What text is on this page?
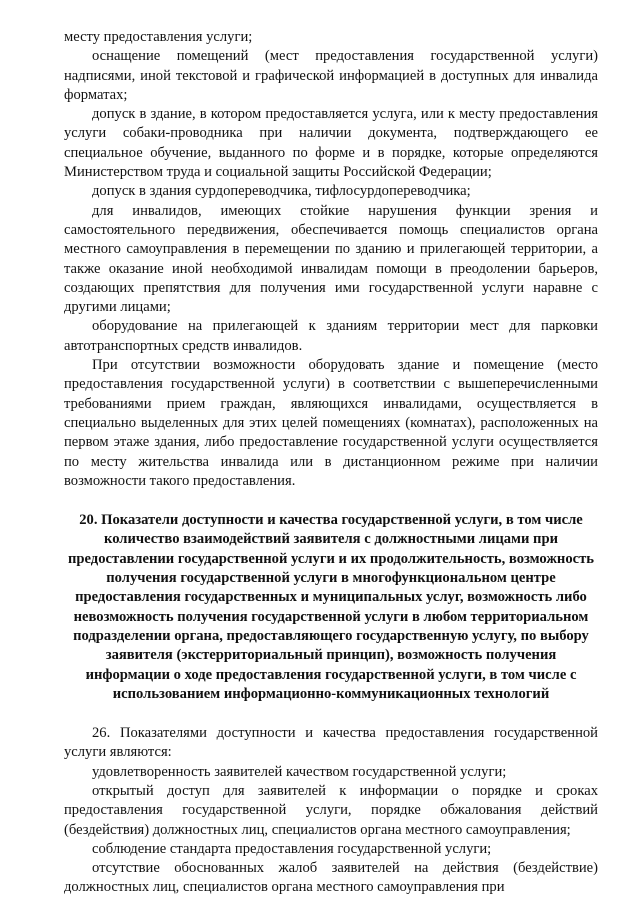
месту предоставления услуги;

оснащение помещений (мест предоставления государственной услуги) надписями, иной текстовой и графической информацией в доступных для инвалида форматах;

допуск в здание, в котором предоставляется услуга, или к месту предоставления услуги собаки-проводника при наличии документа, подтверждающего ее специальное обучение, выданного по форме и в порядке, которые определяются Министерством труда и социальной защиты Российской Федерации;

допуск в здания сурдопереводчика, тифлосурдопереводчика;

для инвалидов, имеющих стойкие нарушения функции зрения и самостоятельного передвижения, обеспечивается помощь специалистов органа местного самоуправления в перемещении по зданию и прилегающей территории, а также оказание иной необходимой инвалидам помощи в преодолении барьеров, создающих препятствия для получения ими государственной услуги наравне с другими лицами;

оборудование на прилегающей к зданиям территории мест для парковки автотранспортных средств инвалидов.

При отсутствии возможности оборудовать здание и помещение (место предоставления государственной услуги) в соответствии с вышеперечисленными требованиями прием граждан, являющихся инвалидами, осуществляется в специально выделенных для этих целей помещениях (комнатах), расположенных на первом этаже здания, либо предоставление государственной услуги осуществляется по месту жительства инвалида или в дистанционном режиме при наличии возможности такого предоставления.

20. Показатели доступности и качества государственной услуги, в том числе количество взаимодействий заявителя с должностными лицами при предоставлении государственной услуги и их продолжительность, возможность получения государственной услуги в многофункциональном центре предоставления государственных и муниципальных услуг, возможность либо невозможность получения государственной услуги в любом территориальном подразделении органа, предоставляющего государственную услугу, по выбору заявителя (экстерриториальный принцип), возможность получения информации о ходе предоставления государственной услуги, в том числе с использованием информационно-коммуникационных технологий

26. Показателями доступности и качества предоставления государственной услуги являются:

удовлетворенность заявителей качеством государственной услуги;

открытый доступ для заявителей к информации о порядке и сроках предоставления государственной услуги, порядке обжалования действий (бездействия) должностных лиц, специалистов органа местного самоуправления;

соблюдение стандарта предоставления государственной услуги;

отсутствие обоснованных жалоб заявителей на действия (бездействие) должностных лиц, специалистов органа местного самоуправления при
